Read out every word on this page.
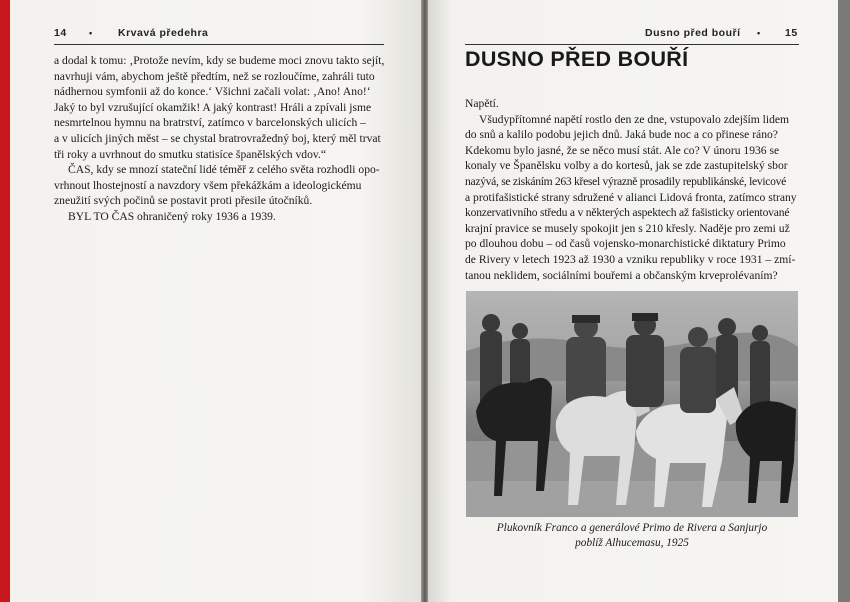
14 • Krvavá předehra

a dodal k tomu: ‚Protože nevím, kdy se budeme moci znovu takto sejít,

navrhuji vám, abychom ještě předtím, než se rozloučíme, zahráli tuto

nádhernou symfonii až do konce.‘ Všichni začali volat: ‚Ano! Ano!‘

Jaký to byl vzrušující okamžik! A jaký kontrast! Hráli a zpívali jsme

nesmrtelnou hymnu na bratrství, zatímco v barcelonských ulicích –

a v ulicích jiných měst – se chystal bratrovražedný boj, který měl trvat

tři roky a uvrhnout do smutku statisíce španělských vdov.“

ČAS, kdy se mnozí stateční lidé téměř z celého světa rozhodli opo-

vrhnout lhostejností a navzdory všem překážkám a ideologickému

zneužití svých počinů se postavit proti přesile útočníků.

BYL TO ČAS ohraničený roky 1936 a 1939.

Dusno před bouří • 15
DUSNO PŘED BOUŘÍ

Napětí.

Všudypřítomné napětí rostlo den ze dne, vstupovalo zdejším lidem

do snů a kalilo podobu jejich dnů. Jaká bude noc a co přinese ráno?

Kdekomu bylo jasné, že se něco musí stát. Ale co? V únoru 1936 se

konaly ve Španělsku volby a do kortesů, jak se zde zastupitelský sbor

nazývá, se ziskáním 263 křesel výrazně prosadily republikánské, levicové

a protifašistické strany sdružené v alianci Lidová fronta, zatímco strany

konzervativního středu a v některých aspektech až fašisticky orientované

krajní pravice se musely spokojit jen s 210 křesly. Naděje pro zemi už

po dlouhou dobu – od časů vojensko-monarchistické diktatury Primo

de Rivery v letech 1923 až 1930 a vzniku republiky v roce 1931 – zmí-

tanou neklidem, sociálními bouřemi a občanským krveprolévaním?

Plukovník Franco a generálové Primo de Rivera a Sanjurjo
poblíž Alhucemasu, 1925
